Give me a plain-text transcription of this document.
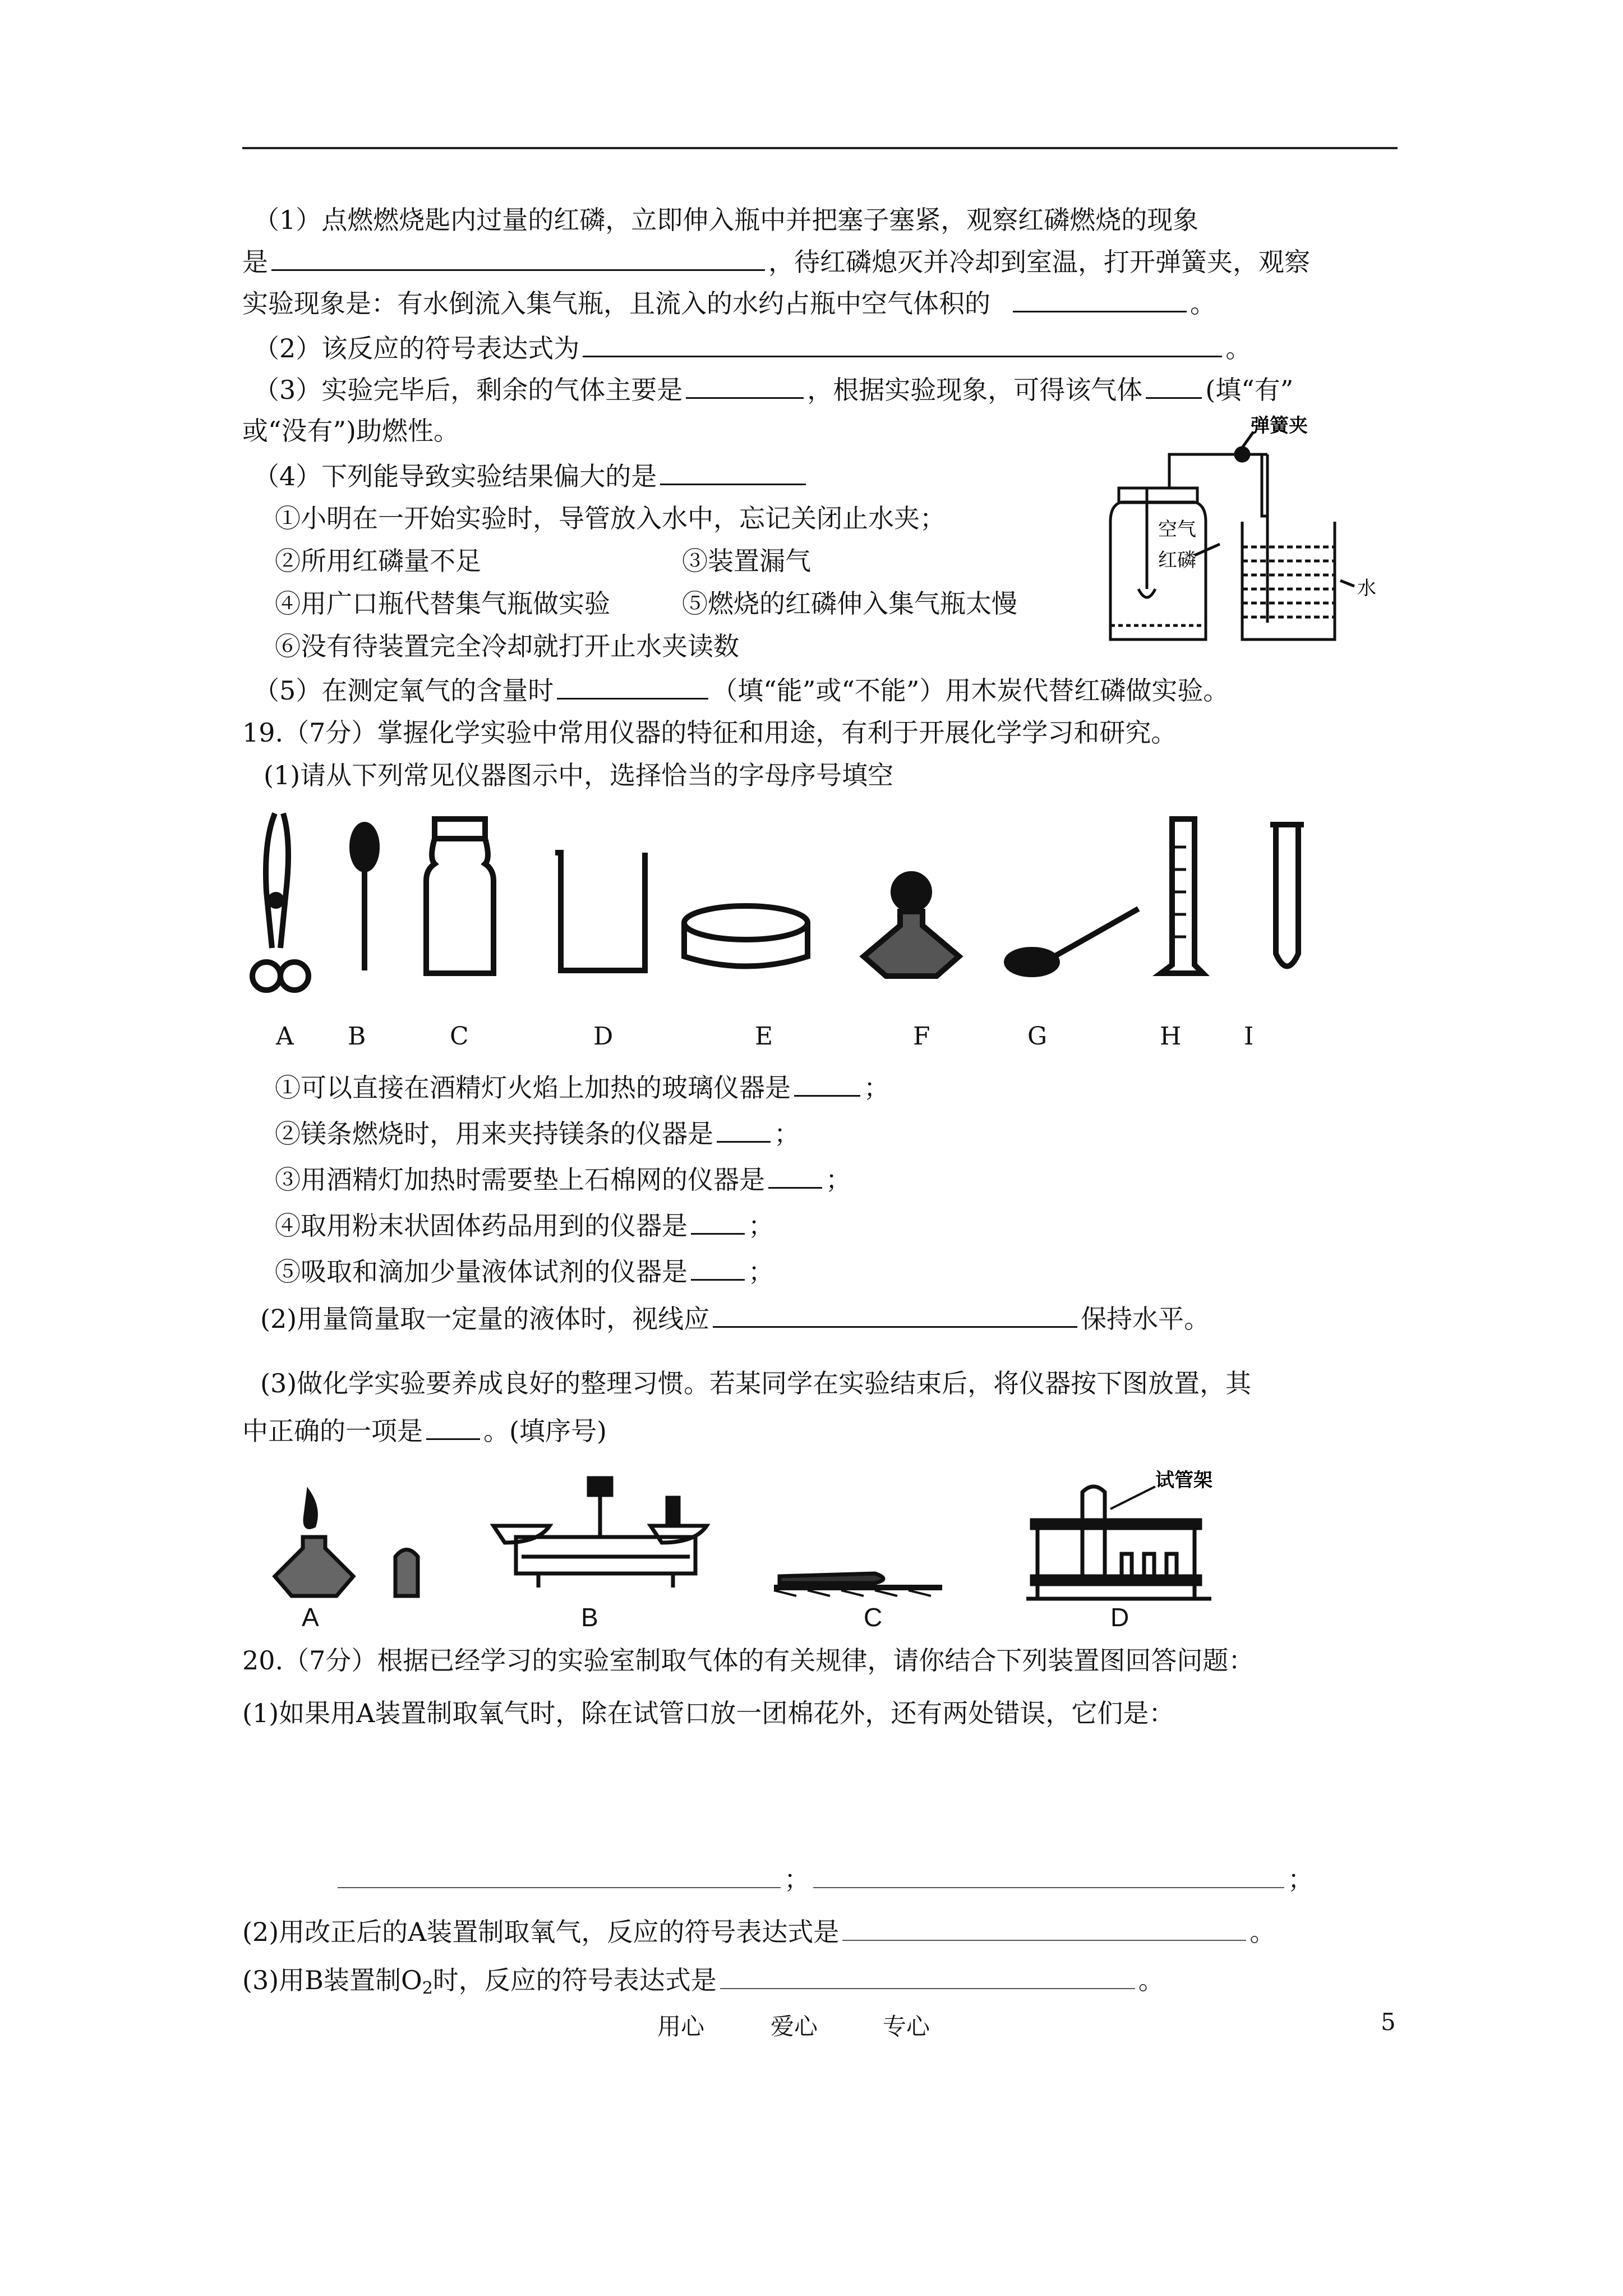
（1）点燃燃烧匙内过量的红磷，立即伸入瓶中并把塞子塞紧，观察红磷燃烧的现象
是	，待红磷熄灭并冷却到室温，打开弹簧夹，观察
实验现象是：有水倒流入集气瓶，且流入的水约占瓶中空气体积的	。
（2）该反应的符号表达式为	。
（3）实验完毕后，剩余的气体主要是	，根据实验现象，可得该气体 (填“有”
或“没有”)助燃性。
（4）下列能导致实验结果偏大的是
①小明在一开始实验时，导管放入水中，忘记关闭止水夹；
②所用红磷量不足	③装置漏气
④用广口瓶代替集气瓶做实验	⑤燃烧的红磷伸入集气瓶太慢
⑥没有待装置完全冷却就打开止水夹读数
（5）在测定氧气的含量时	（填“能”或“不能”）用木炭代替红磷做实验。
弹簧夹
空气
红磷
水
19.（7分）掌握化学实验中常用仪器的特征和用途，有利于开展化学学习和研究。
(1)请从下列常见仪器图示中，选择恰当的字母序号填空
A B	C	D	E	F	G	H	I
①可以直接在酒精灯火焰上加热的玻璃仪器是	；
②镁条燃烧时，用来夹持镁条的仪器是 ；
③用酒精灯加热时需要垫上石棉网的仪器是 ；
④取用粉末状固体药品用到的仪器是 ；
⑤吸取和滴加少量液体试剂的仪器是 ；
(2)用量筒量取一定量的液体时，视线应	保持水平。
(3)做化学实验要养成良好的整理习惯。若某同学在实验结束后，将仪器按下图放置，其
中正确的一项是 。(填序号)
试管架
A	B	C	D
20.（7分）根据已经学习的实验室制取气体的有关规律，请你结合下列装置图回答问题：
(1)如果用A装置制取氧气时，除在试管口放一团棉花外，还有两处错误，它们是：
；	；
(2)用改正后的A装置制取氧气，反应的符号表达式是	。
(3)用B装置制$O_2$时，反应的符号表达式是	。
用心	爱心	专心	5
